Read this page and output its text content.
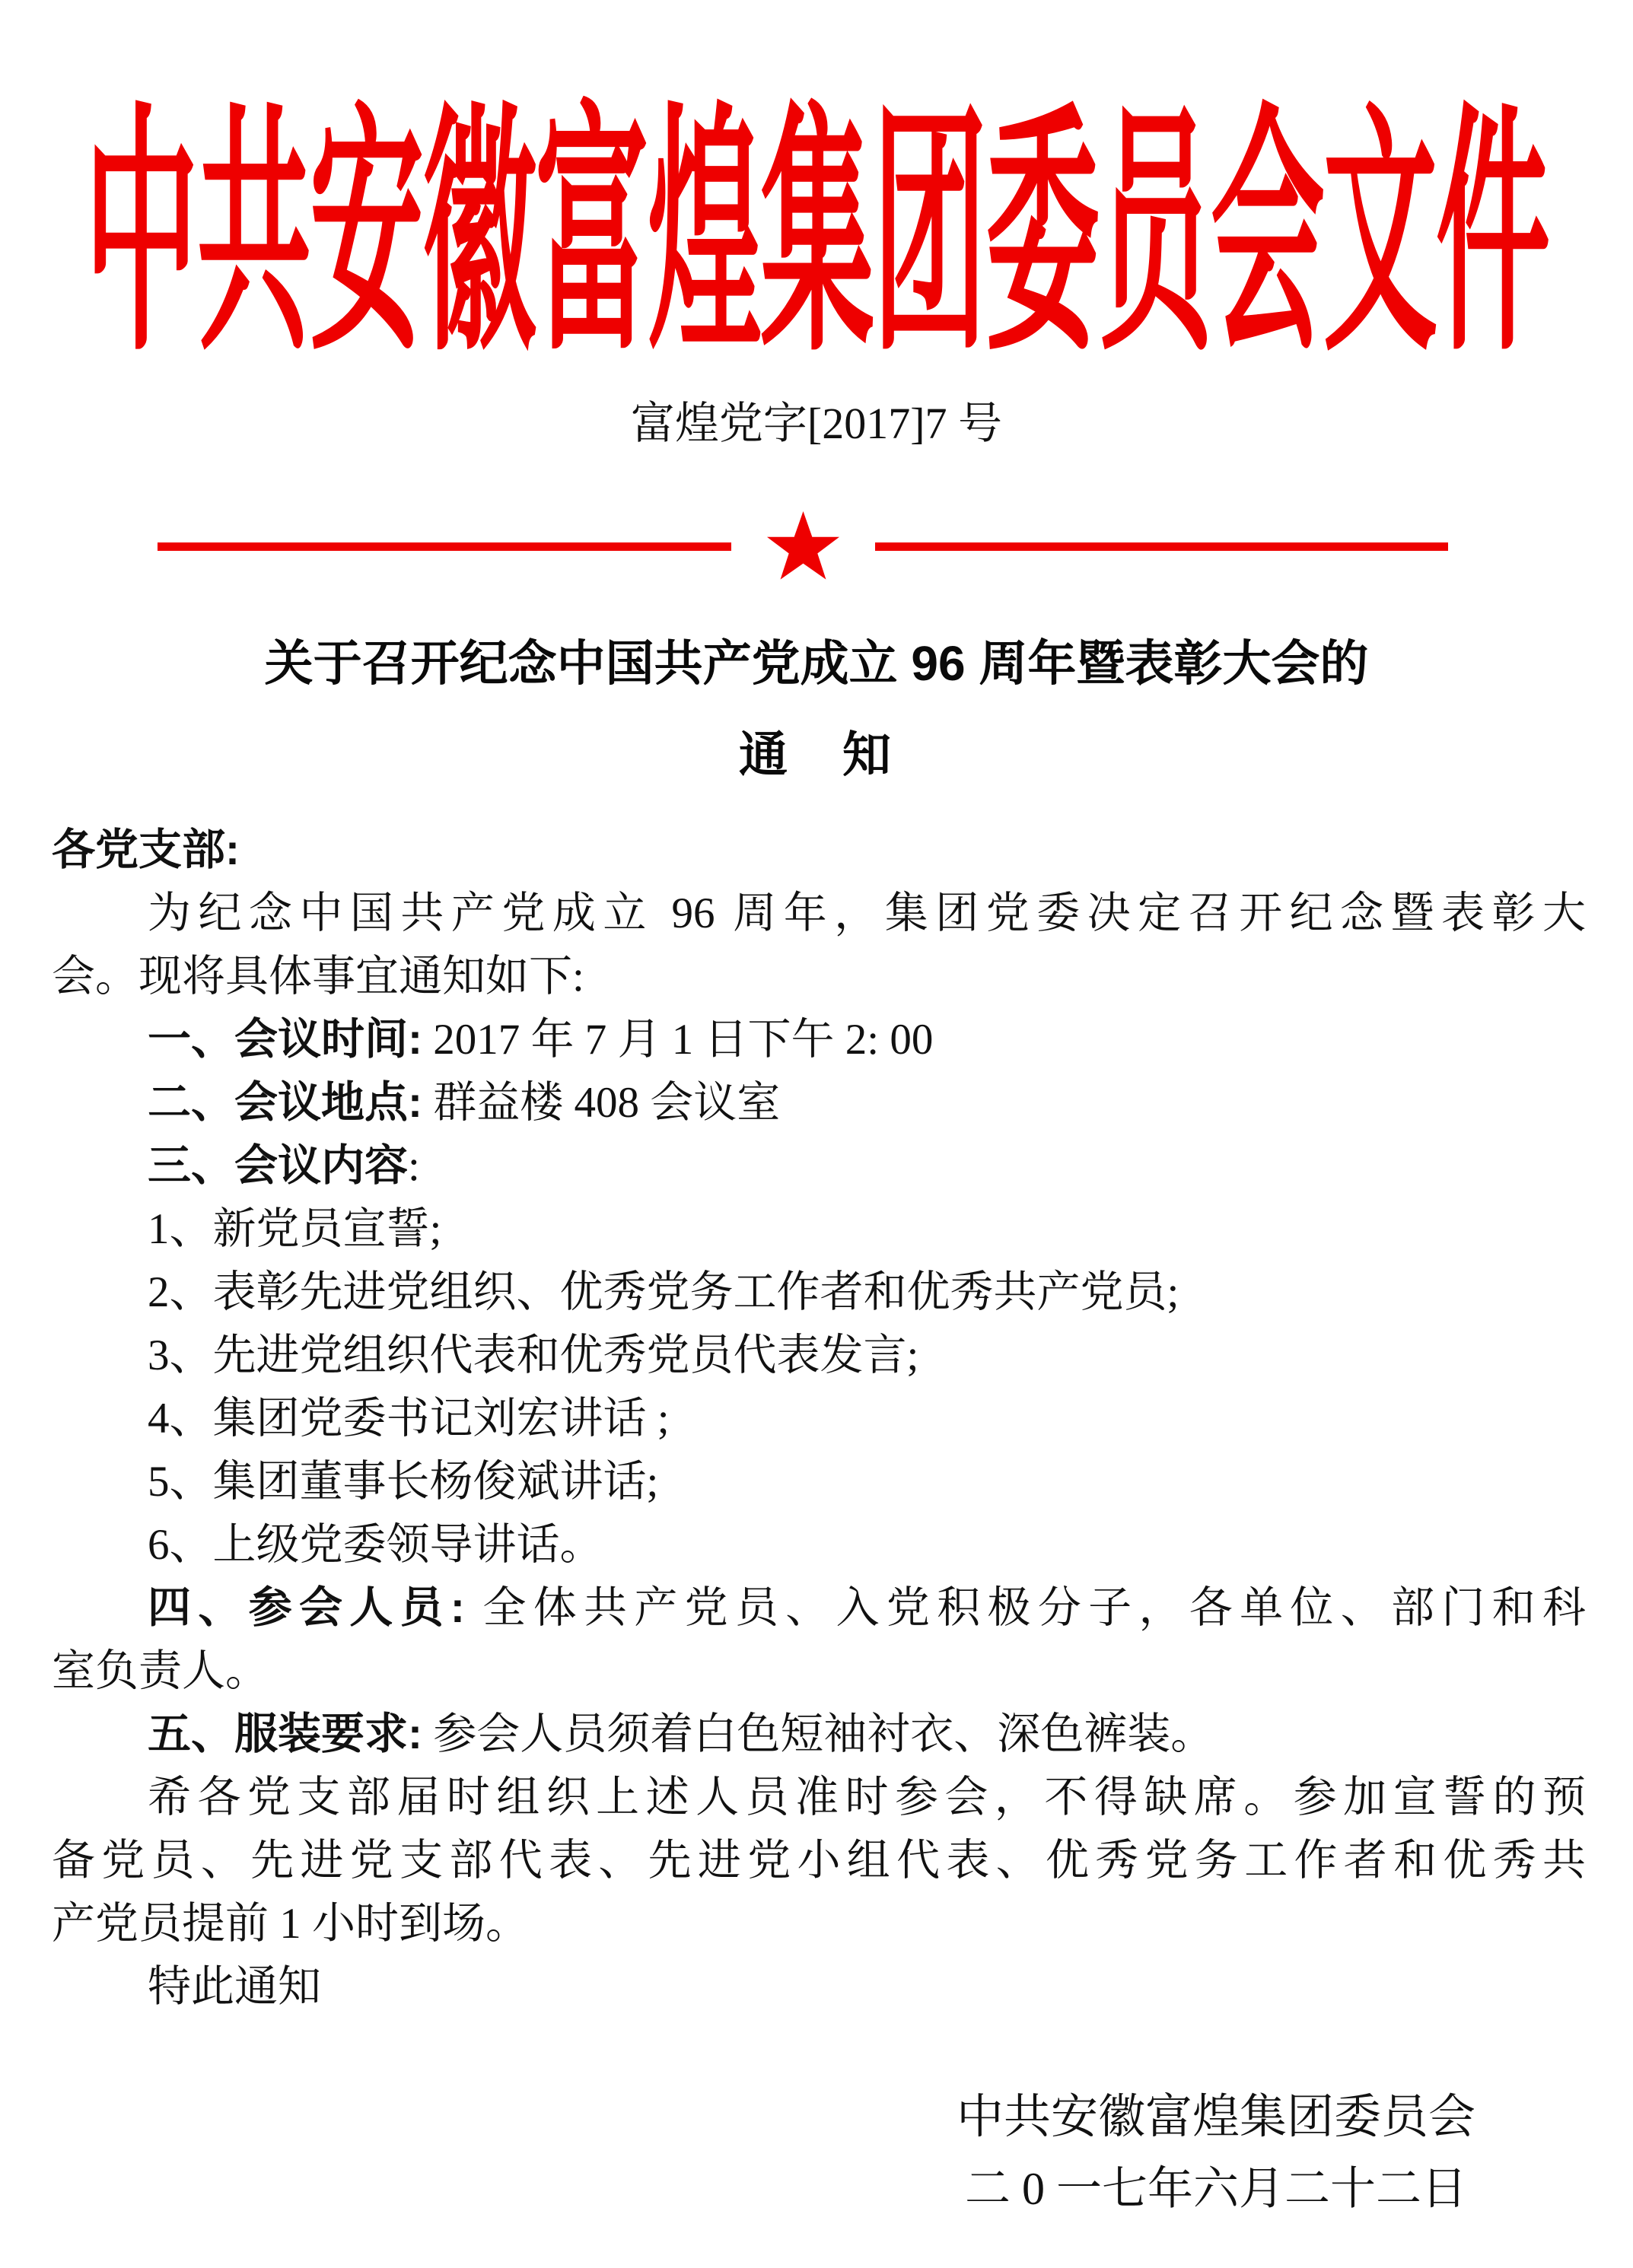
中共安徽富煌集团委员会文件
富煌党字[2017]7 号
关于召开纪念中国共产党成立 96 周年暨表彰大会的
通　知
各党支部:
为纪念中国共产党成立 96 周年，集团党委决定召开纪念暨表彰大
会。现将具体事宜通知如下:
一、会议时间: 2017 年 7 月 1 日下午 2: 00
二、会议地点: 群益楼 408 会议室
三、会议内容:
1、新党员宣誓;
2、表彰先进党组织、优秀党务工作者和优秀共产党员;
3、先进党组织代表和优秀党员代表发言;
4、集团党委书记刘宏讲话 ;
5、集团董事长杨俊斌讲话;
6、上级党委领导讲话。
四、参会人员: 全体共产党员、入党积极分子，各单位、部门和科
室负责人。
五、服装要求: 参会人员须着白色短袖衬衣、深色裤装。
希各党支部届时组织上述人员准时参会，不得缺席。参加宣誓的预
备党员、先进党支部代表、先进党小组代表、优秀党务工作者和优秀共
产党员提前 1 小时到场。
特此通知
中共安徽富煌集团委员会
二 0 一七年六月二十二日
